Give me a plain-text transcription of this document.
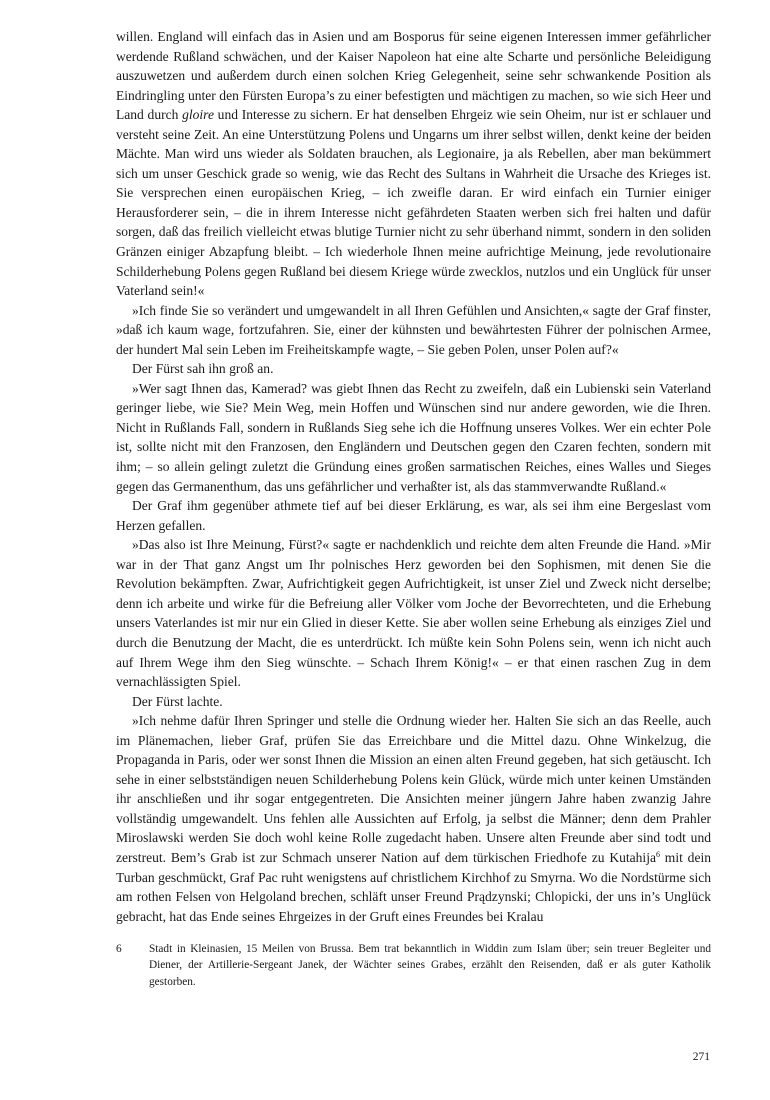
willen. England will einfach das in Asien und am Bosporus für seine eigenen Interessen immer gefährlicher werdende Rußland schwächen, und der Kaiser Napoleon hat eine alte Scharte und persönliche Beleidigung auszuwetzen und außerdem durch einen solchen Krieg Gelegenheit, seine sehr schwankende Position als Eindringling unter den Fürsten Europa’s zu einer befestigten und mächtigen zu machen, so wie sich Heer und Land durch gloire und Interesse zu sichern. Er hat denselben Ehrgeiz wie sein Oheim, nur ist er schlauer und versteht seine Zeit. An eine Unterstützung Polens und Ungarns um ihrer selbst willen, denkt keine der beiden Mächte. Man wird uns wieder als Soldaten brauchen, als Legionaire, ja als Rebellen, aber man bekümmert sich um unser Geschick grade so wenig, wie das Recht des Sultans in Wahrheit die Ursache des Krieges ist. Sie versprechen einen europäischen Krieg, – ich zweifle daran. Er wird einfach ein Turnier einiger Herausforderer sein, – die in ihrem Interesse nicht gefährdeten Staaten werben sich frei halten und dafür sorgen, daß das freilich vielleicht etwas blutige Turnier nicht zu sehr überhand nimmt, sondern in den soliden Gränzen einiger Abzapfung bleibt. – Ich wiederhole Ihnen meine aufrichtige Meinung, jede revolutionaire Schilderhebung Polens gegen Rußland bei diesem Kriege würde zwecklos, nutzlos und ein Unglück für unser Vaterland sein!«

»Ich finde Sie so verändert und umgewandelt in all Ihren Gefühlen und Ansichten,« sagte der Graf finster, »daß ich kaum wage, fortzufahren. Sie, einer der kühnsten und bewährtesten Führer der polnischen Armee, der hundert Mal sein Leben im Freiheitskampfe wagte, – Sie geben Polen, unser Polen auf?«

Der Fürst sah ihn groß an.

»Wer sagt Ihnen das, Kamerad? was giebt Ihnen das Recht zu zweifeln, daß ein Lubienski sein Vaterland geringer liebe, wie Sie? Mein Weg, mein Hoffen und Wünschen sind nur andere geworden, wie die Ihren. Nicht in Rußlands Fall, sondern in Rußlands Sieg sehe ich die Hoffnung unseres Volkes. Wer ein echter Pole ist, sollte nicht mit den Franzosen, den Engländern und Deutschen gegen den Czaren fechten, sondern mit ihm; – so allein gelingt zuletzt die Gründung eines großen sarmatischen Reiches, eines Walles und Sieges gegen das Germanenthum, das uns gefährlicher und verhaßter ist, als das stammverwandte Rußland.«

Der Graf ihm gegenüber athmete tief auf bei dieser Erklärung, es war, als sei ihm eine Bergeslast vom Herzen gefallen.

»Das also ist Ihre Meinung, Fürst?« sagte er nachdenklich und reichte dem alten Freunde die Hand. »Mir war in der That ganz Angst um Ihr polnisches Herz geworden bei den Sophismen, mit denen Sie die Revolution bekämpften. Zwar, Aufrichtigkeit gegen Aufrichtigkeit, ist unser Ziel und Zweck nicht derselbe; denn ich arbeite und wirke für die Befreiung aller Völker vom Joche der Bevorrechteten, und die Erhebung unsers Vaterlandes ist mir nur ein Glied in dieser Kette. Sie aber wollen seine Erhebung als einziges Ziel und durch die Benutzung der Macht, die es unterdrückt. Ich müßte kein Sohn Polens sein, wenn ich nicht auch auf Ihrem Wege ihm den Sieg wünschte. – Schach Ihrem König!« – er that einen raschen Zug in dem vernachlässigten Spiel.

Der Fürst lachte.

»Ich nehme dafür Ihren Springer und stelle die Ordnung wieder her. Halten Sie sich an das Reelle, auch im Plänemachen, lieber Graf, prüfen Sie das Erreichbare und die Mittel dazu. Ohne Winkelzug, die Propaganda in Paris, oder wer sonst Ihnen die Mission an einen alten Freund gegeben, hat sich getäuscht. Ich sehe in einer selbstständigen neuen Schilderhebung Polens kein Glück, würde mich unter keinen Umständen ihr anschließen und ihr sogar entgegentreten. Die Ansichten meiner jüngern Jahre haben zwanzig Jahre vollständig umgewandelt. Uns fehlen alle Aussichten auf Erfolg, ja selbst die Männer; denn dem Prahler Miroslawski werden Sie doch wohl keine Rolle zugedacht haben. Unsere alten Freunde aber sind todt und zerstreut. Bem’s Grab ist zur Schmach unserer Nation auf dem türkischen Friedhofe zu Kutahija$^6$ mit dein Turban geschmückt, Graf Pac ruht wenigstens auf christlichem Kirchhof zu Smyrna. Wo die Nordstürme sich am rothen Felsen von Helgoland brechen, schläft unser Freund Prądzynski; Chlopicki, der uns in’s Unglück gebracht, hat das Ende seines Ehrgeizes in der Gruft eines Freundes bei Kralau

6 Stadt in Kleinasien, 15 Meilen von Brussa. Bem trat bekanntlich in Widdin zum Islam über; sein treuer Begleiter und Diener, der Artillerie-Sergeant Janek, der Wächter seines Grabes, erzählt den Reisenden, daß er als guter Katholik gestorben.
271
